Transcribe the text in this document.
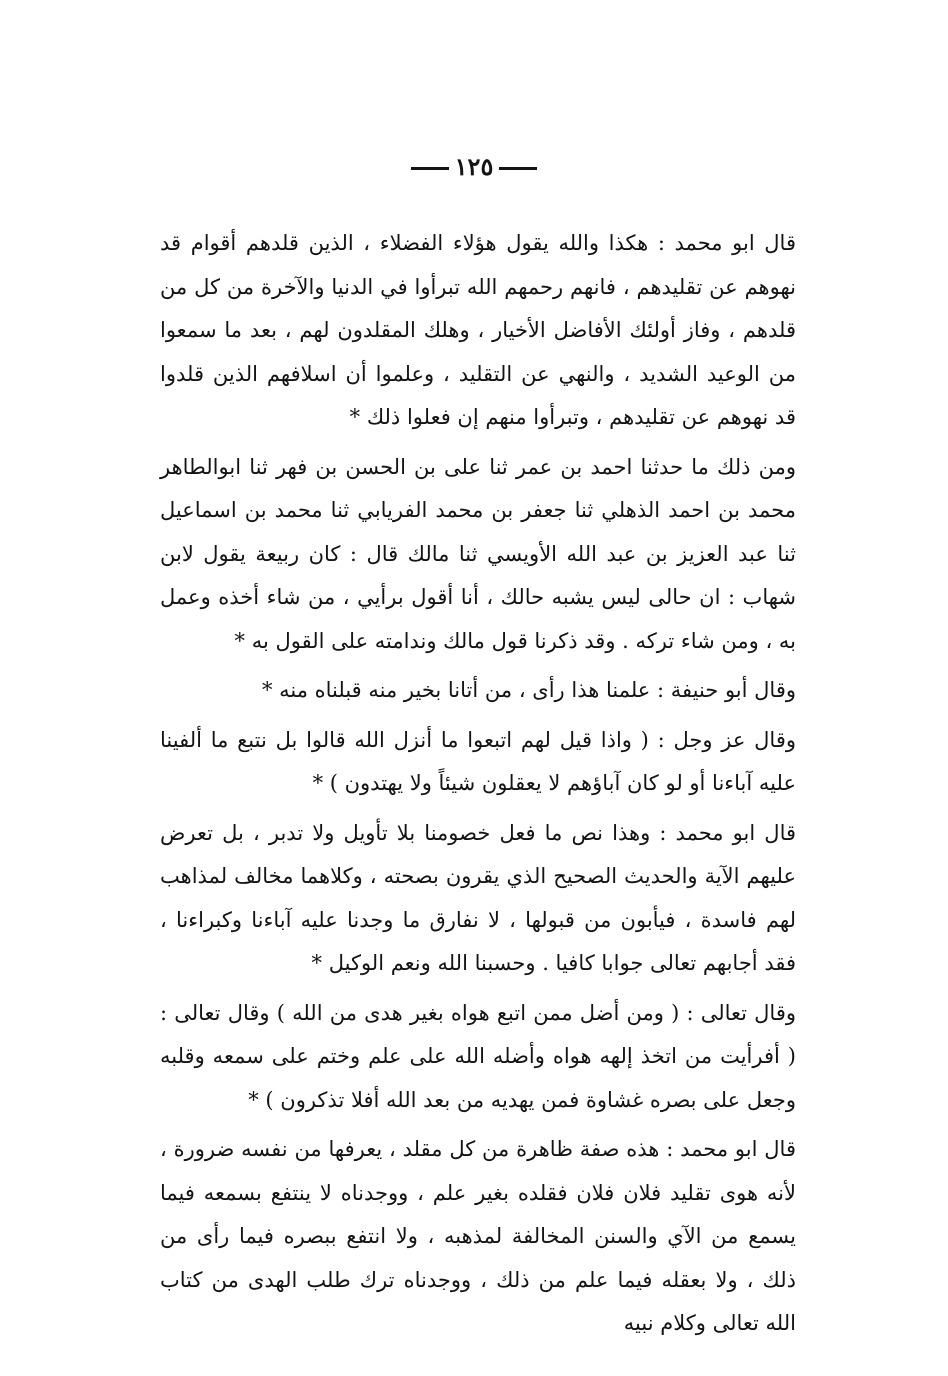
١٢٥

قال ابو محمد : هكذا والله يقول هؤلاء الفضلاء ، الذين قلدهم أقوام قد نهوهم عن تقليدهم ، فانهم رحمهم الله تبرأوا في الدنيا والآخرة من كل من قلدهم ، وفاز أولئك الأفاضل الأخيار ، وهلك المقلدون لهم ، بعد ما سمعوا من الوعيد الشديد ، والنهي عن التقليد ، وعلموا أن اسلافهم الذين قلدوا قد نهوهم عن تقليدهم ، وتبرأوا منهم إن فعلوا ذلك *

ومن ذلك ما حدثنا احمد بن عمر ثنا على بن الحسن بن فهر ثنا ابوالطاهر محمد بن احمد الذهلي ثنا جعفر بن محمد الفريابي ثنا محمد بن اسماعيل ثنا عبد العزيز بن عبد الله الأويسي ثنا مالك قال : كان ربيعة يقول لابن شهاب : ان حالى ليس يشبه حالك ، أنا أقول برأيي ، من شاء أخذه وعمل به ، ومن شاء تركه . وقد ذكرنا قول مالك وندامته على القول به *

وقال أبو حنيفة : علمنا هذا رأى ، من أتانا بخير منه قبلناه منه *

وقال عز وجل : ( واذا قيل لهم اتبعوا ما أنزل الله قالوا بل نتبع ما ألفينا عليه آباءنا أو لو كان آباؤهم لا يعقلون شيئاً ولا يهتدون ) *

قال ابو محمد : وهذا نص ما فعل خصومنا بلا تأويل ولا تدبر ، بل تعرض عليهم الآية والحديث الصحيح الذي يقرون بصحته ، وكلاهما مخالف لمذاهب لهم فاسدة ، فيأبون من قبولها ، لا نفارق ما وجدنا عليه آباءنا وكبراءنا ، فقد أجابهم تعالى جوابا كافيا . وحسبنا الله ونعم الوكيل *

وقال تعالى : ( ومن أضل ممن اتبع هواه بغير هدى من الله ) وقال تعالى : ( أفرأيت من اتخذ إلهه هواه وأضله الله على علم وختم على سمعه وقلبه وجعل على بصره غشاوة فمن يهديه من بعد الله أفلا تذكرون ) *

قال ابو محمد : هذه صفة ظاهرة من كل مقلد ، يعرفها من نفسه ضرورة ، لأنه هوى تقليد فلان فلان فقلده بغير علم ، ووجدناه لا ينتفع بسمعه فيما يسمع من الآي والسنن المخالفة لمذهبه ، ولا انتفع ببصره فيما رأى من ذلك ، ولا بعقله فيما علم من ذلك ، ووجدناه ترك طلب الهدى من كتاب الله تعالى وكلام نبيه
